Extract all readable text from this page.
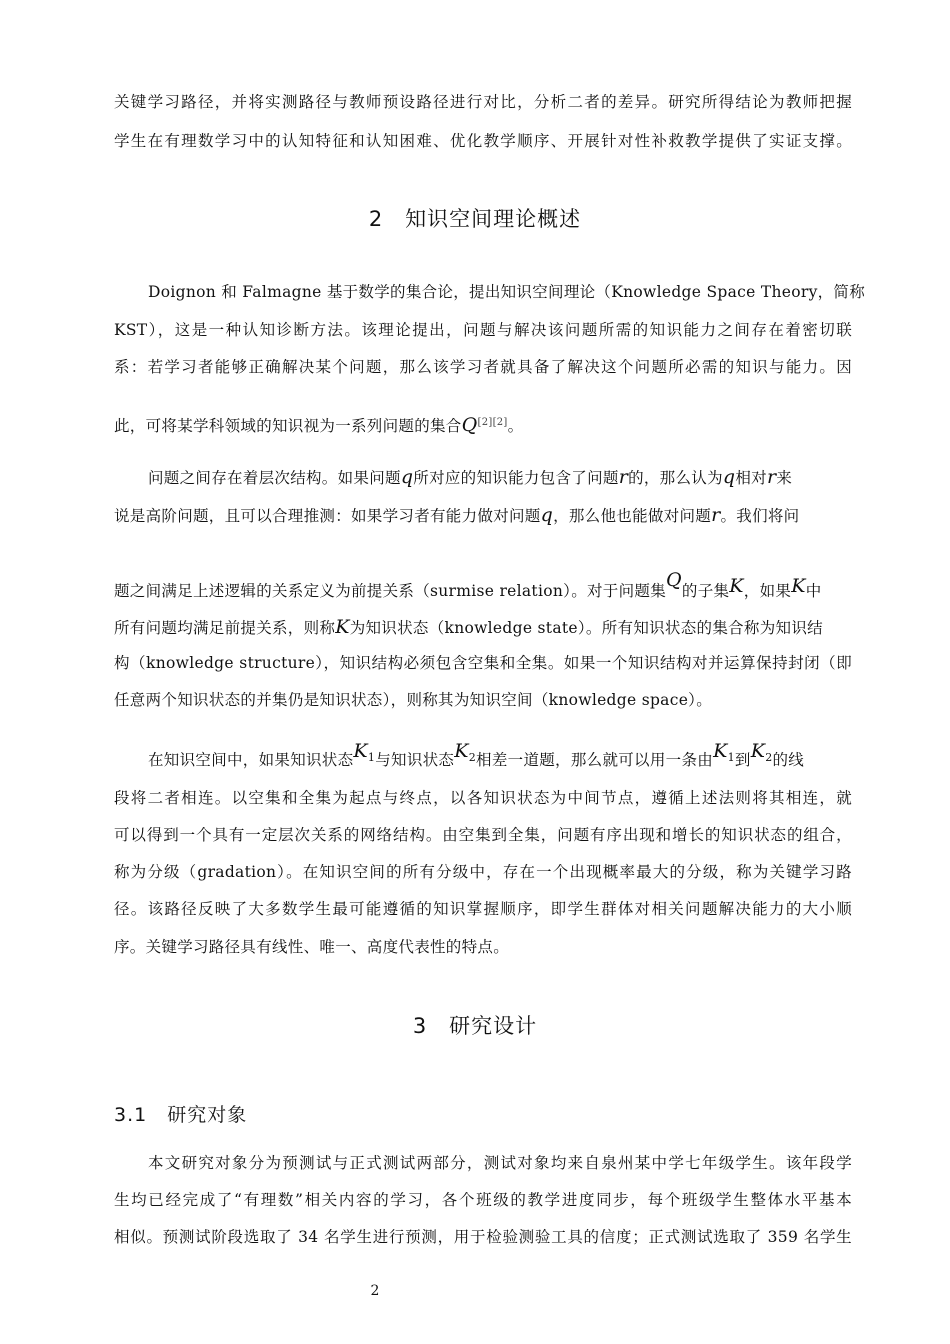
关键学习路径，并将实测路径与教师预设路径进行对比，分析二者的差异。研究所得结论为教师把握
学生在有理数学习中的认知特征和认知困难、优化教学顺序、开展针对性补救教学提供了实证支撑。
2　知识空间理论概述
Doignon 和 Falmagne 基于数学的集合论，提出知识空间理论（Knowledge Space Theory，简称
KST），这是一种认知诊断方法。该理论提出，问题与解决该问题所需的知识能力之间存在着密切联
系：若学习者能够正确解决某个问题，那么该学习者就具备了解决这个问题所必需的知识与能力。因
此，可将某学科领域的知识视为一系列问题的集合Q[2][2]。
问题之间存在着层次结构。如果问题q所对应的知识能力包含了问题r的，那么认为q相对r来
说是高阶问题，且可以合理推测：如果学习者有能力做对问题q，那么他也能做对问题r。我们将问
题之间满足上述逻辑的关系定义为前提关系（surmise relation）。对于问题集Q的子集K，如果K中
所有问题均满足前提关系，则称K为知识状态（knowledge state）。所有知识状态的集合称为知识结
构（knowledge structure），知识结构必须包含空集和全集。如果一个知识结构对并运算保持封闭（即
任意两个知识状态的并集仍是知识状态），则称其为知识空间（knowledge space）。
在知识空间中，如果知识状态$K^1$与知识状态$K^2$相差一道题，那么就可以用一条由$K^1$到$K^2$的线
段将二者相连。以空集和全集为起点与终点，以各知识状态为中间节点，遵循上述法则将其相连，就
可以得到一个具有一定层次关系的网络结构。由空集到全集，问题有序出现和增长的知识状态的组合，
称为分级（gradation）。在知识空间的所有分级中，存在一个出现概率最大的分级，称为关键学习路
径。该路径反映了大多数学生最可能遵循的知识掌握顺序，即学生群体对相关问题解决能力的大小顺
序。关键学习路径具有线性、唯一、高度代表性的特点。
3　研究设计
3.1　研究对象
本文研究对象分为预测试与正式测试两部分，测试对象均来自泉州某中学七年级学生。该年段学
生均已经完成了“有理数”相关内容的学习，各个班级的教学进度同步，每个班级学生整体水平基本
相似。预测试阶段选取了 34 名学生进行预测，用于检验测验工具的信度；正式测试选取了 359 名学生
2
